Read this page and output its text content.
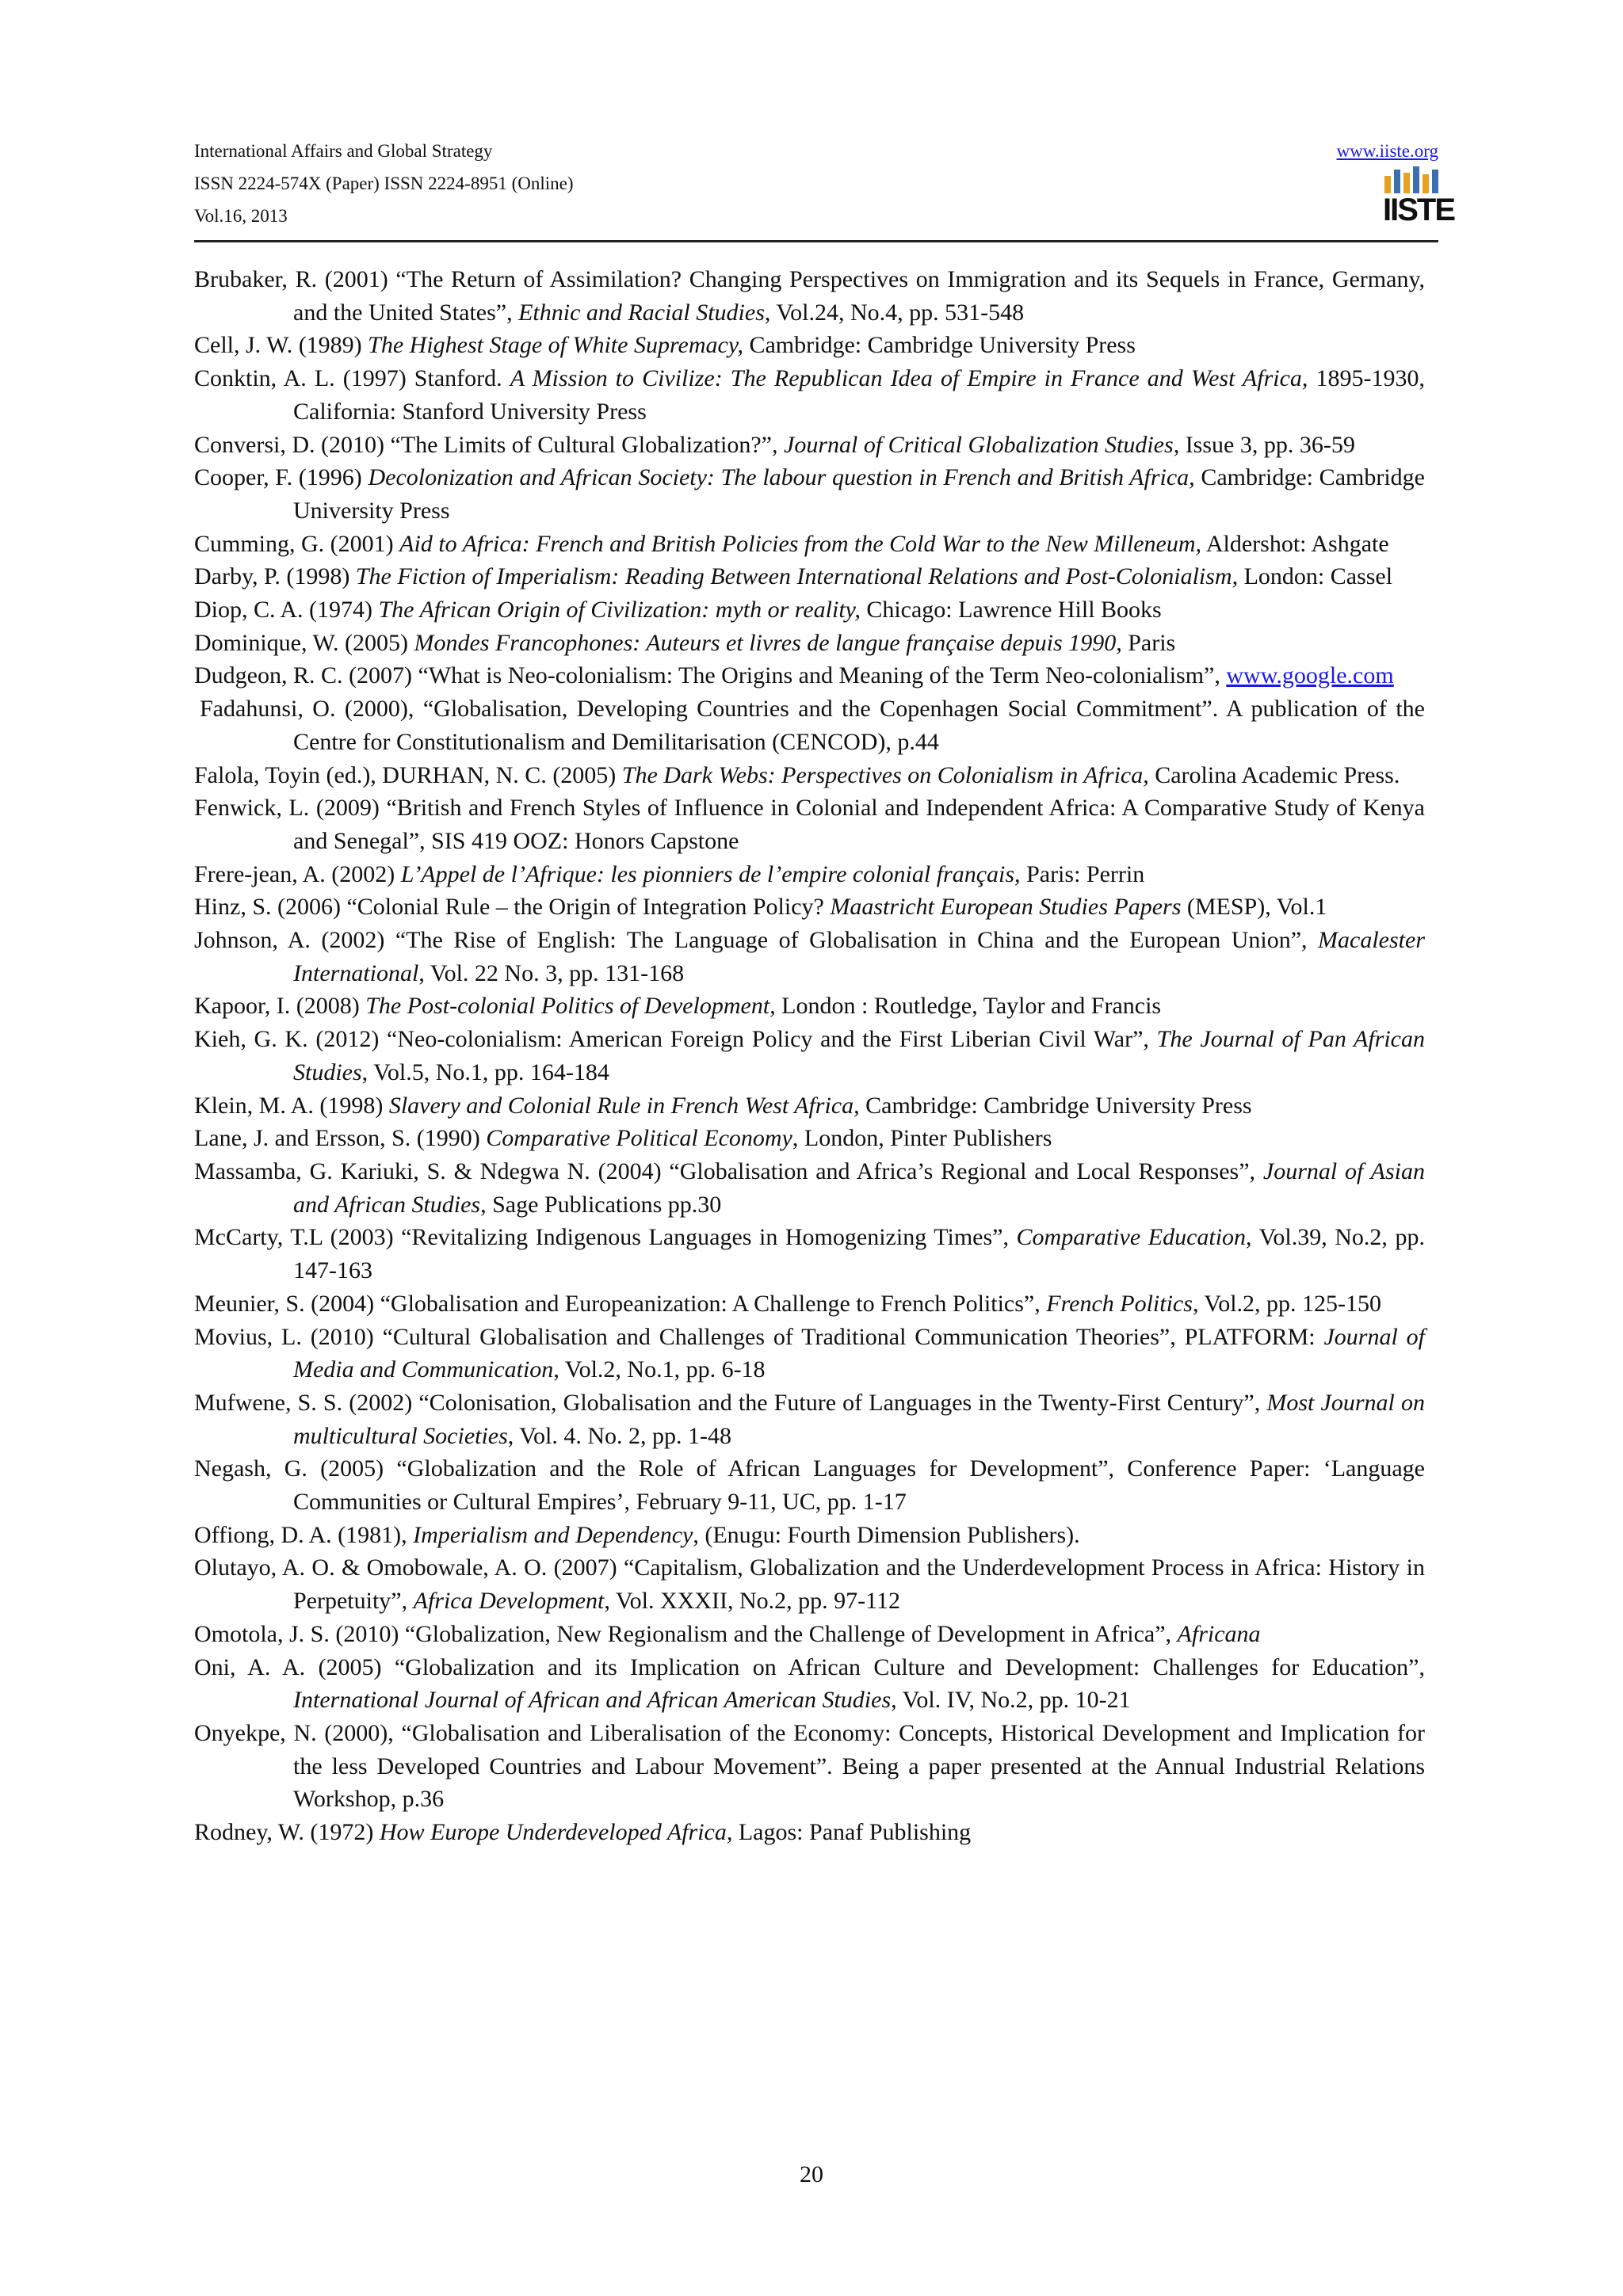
International Affairs and Global Strategy
ISSN 2224-574X (Paper) ISSN 2224-8951 (Online)
Vol.16, 2013
www.iiste.org
IISTE
Brubaker, R. (2001) “The Return of Assimilation? Changing Perspectives on Immigration and its Sequels in France, Germany, and the United States”, Ethnic and Racial Studies, Vol.24, No.4, pp. 531-548
Cell, J. W. (1989) The Highest Stage of White Supremacy, Cambridge: Cambridge University Press
Conktin, A. L. (1997) Stanford. A Mission to Civilize: The Republican Idea of Empire in France and West Africa, 1895-1930, California: Stanford University Press
Conversi, D. (2010) “The Limits of Cultural Globalization?”, Journal of Critical Globalization Studies, Issue 3, pp. 36-59
Cooper, F. (1996) Decolonization and African Society: The labour question in French and British Africa, Cambridge: Cambridge University Press
Cumming, G. (2001) Aid to Africa: French and British Policies from the Cold War to the New Milleneum, Aldershot: Ashgate
Darby, P. (1998) The Fiction of Imperialism: Reading Between International Relations and Post-Colonialism, London: Cassel
Diop, C. A. (1974) The African Origin of Civilization: myth or reality, Chicago: Lawrence Hill Books
Dominique, W. (2005) Mondes Francophones: Auteurs et livres de langue française depuis 1990, Paris
Dudgeon, R. C. (2007) “What is Neo-colonialism: The Origins and Meaning of the Term Neo-colonialism”, www.google.com
Fadahunsi, O. (2000), “Globalisation, Developing Countries and the Copenhagen Social Commitment”. A publication of the Centre for Constitutionalism and Demilitarisation (CENCOD), p.44
Falola, Toyin (ed.), DURHAN, N. C. (2005) The Dark Webs: Perspectives on Colonialism in Africa, Carolina Academic Press.
Fenwick, L. (2009) “British and French Styles of Influence in Colonial and Independent Africa: A Comparative Study of Kenya and Senegal”, SIS 419 OOZ: Honors Capstone
Frere-jean, A. (2002) L’Appel de l’Afrique: les pionniers de l’empire colonial français, Paris: Perrin
Hinz, S. (2006) “Colonial Rule – the Origin of Integration Policy? Maastricht European Studies Papers (MESP), Vol.1
Johnson, A. (2002) “The Rise of English: The Language of Globalisation in China and the European Union”, Macalester International, Vol. 22 No. 3, pp. 131-168
Kapoor, I. (2008) The Post-colonial Politics of Development, London : Routledge, Taylor and Francis
Kieh, G. K. (2012) “Neo-colonialism: American Foreign Policy and the First Liberian Civil War”, The Journal of Pan African Studies, Vol.5, No.1, pp. 164-184
Klein, M. A. (1998) Slavery and Colonial Rule in French West Africa, Cambridge: Cambridge University Press
Lane, J. and Ersson, S. (1990) Comparative Political Economy, London, Pinter Publishers
Massamba, G. Kariuki, S. & Ndegwa N. (2004) “Globalisation and Africa’s Regional and Local Responses”, Journal of Asian and African Studies, Sage Publications pp.30
McCarty, T.L (2003) “Revitalizing Indigenous Languages in Homogenizing Times”, Comparative Education, Vol.39, No.2, pp. 147-163
Meunier, S. (2004) “Globalisation and Europeanization: A Challenge to French Politics”, French Politics, Vol.2, pp. 125-150
Movius, L. (2010) “Cultural Globalisation and Challenges of Traditional Communication Theories”, PLATFORM: Journal of Media and Communication, Vol.2, No.1, pp. 6-18
Mufwene, S. S. (2002) “Colonisation, Globalisation and the Future of Languages in the Twenty-First Century”, Most Journal on multicultural Societies, Vol. 4. No. 2, pp. 1-48
Negash, G. (2005) “Globalization and the Role of African Languages for Development”, Conference Paper: ‘Language Communities or Cultural Empires’, February 9-11, UC, pp. 1-17
Offiong, D. A. (1981), Imperialism and Dependency, (Enugu: Fourth Dimension Publishers).
Olutayo, A. O. & Omobowale, A. O. (2007) “Capitalism, Globalization and the Underdevelopment Process in Africa: History in Perpetuity”, Africa Development, Vol. XXXII, No.2, pp. 97-112
Omotola, J. S. (2010) “Globalization, New Regionalism and the Challenge of Development in Africa”, Africana
Oni, A. A. (2005) “Globalization and its Implication on African Culture and Development: Challenges for Education”, International Journal of African and African American Studies, Vol. IV, No.2, pp. 10-21
Onyekpe, N. (2000), “Globalisation and Liberalisation of the Economy: Concepts, Historical Development and Implication for the less Developed Countries and Labour Movement”. Being a paper presented at the Annual Industrial Relations Workshop, p.36
Rodney, W. (1972) How Europe Underdeveloped Africa, Lagos: Panaf Publishing
20
